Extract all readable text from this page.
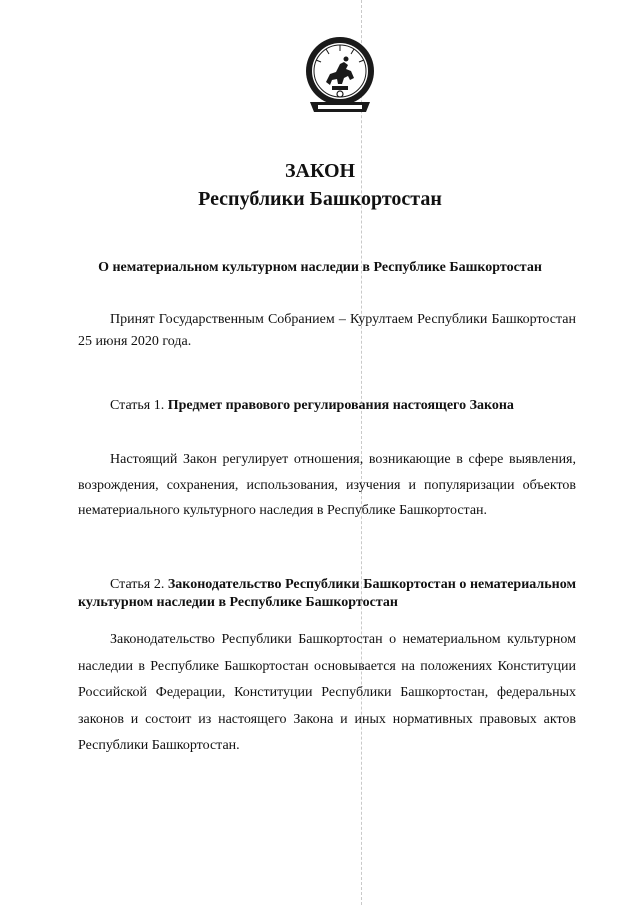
ЗАКОН
Республики Башкортостан
О нематериальном культурном наследии в Республике Башкортостан

Принят Государственным Собранием – Курултаем Республики Башкортостан 25 июня 2020 года.

Статья 1. Предмет правового регулирования настоящего Закона

Настоящий Закон регулирует отношения, возникающие в сфере выявления, возрождения, сохранения, использования, изучения и популяризации объектов нематериального культурного наследия в Республике Башкортостан.

Статья 2. Законодательство Республики Башкортостан о нематериальном культурном наследии в Республике Башкортостан

Законодательство Республики Башкортостан о нематериальном культурном наследии в Республике Башкортостан основывается на положениях Конституции Российской Федерации, Конституции Республики Башкортостан, федеральных законов и состоит из настоящего Закона и иных нормативных правовых актов Республики Башкортостан.
